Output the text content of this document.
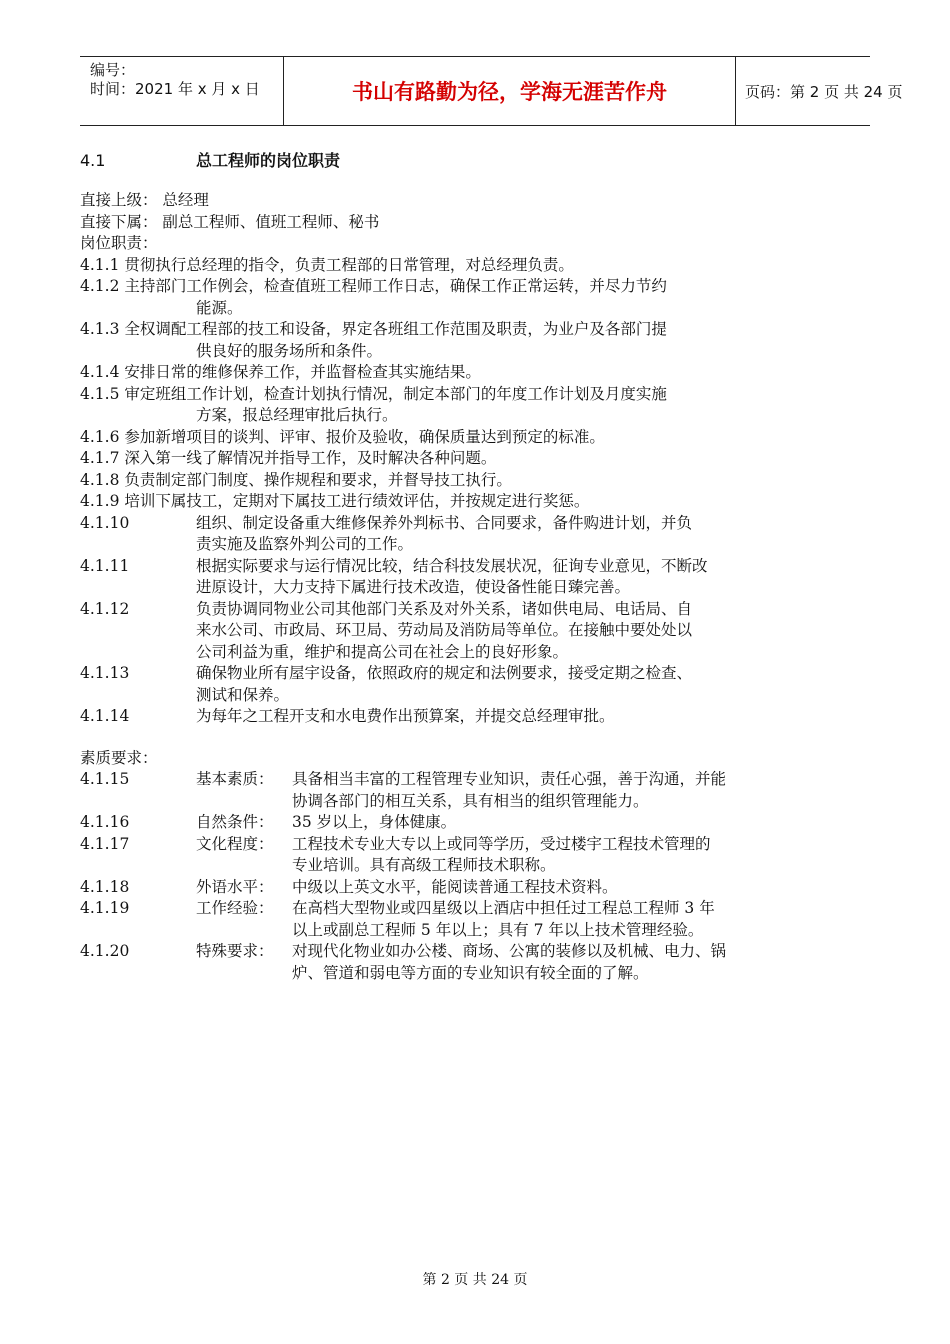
编号：
时间：2021 年 x 月 x 日	书山有路勤为径，学海无涯苦作舟	页码：第 2 页 共 24 页
4.1	总工程师的岗位职责
直接上级： 总经理
直接下属： 副总工程师、值班工程师、秘书
岗位职责：
4.1.1 贯彻执行总经理的指令，负责工程部的日常管理，对总经理负责。
4.1.2 主持部门工作例会，检查值班工程师工作日志，确保工作正常运转，并尽力节约
能源。
4.1.3 全权调配工程部的技工和设备，界定各班组工作范围及职责，为业户及各部门提
供良好的服务场所和条件。
4.1.4 安排日常的维修保养工作，并监督检查其实施结果。
4.1.5 审定班组工作计划，检查计划执行情况，制定本部门的年度工作计划及月度实施
方案，报总经理审批后执行。
4.1.6 参加新增项目的谈判、评审、报价及验收，确保质量达到预定的标准。
4.1.7 深入第一线了解情况并指导工作，及时解决各种问题。
4.1.8 负责制定部门制度、操作规程和要求，并督导技工执行。
4.1.9 培训下属技工，定期对下属技工进行绩效评估，并按规定进行奖惩。
4.1.10	组织、制定设备重大维修保养外判标书、合同要求，备件购进计划，并负
责实施及监察外判公司的工作。
4.1.11	根据实际要求与运行情况比较，结合科技发展状况，征询专业意见，不断改
进原设计，大力支持下属进行技术改造，使设备性能日臻完善。
4.1.12	负责协调同物业公司其他部门关系及对外关系，诸如供电局、电话局、自
来水公司、市政局、环卫局、劳动局及消防局等单位。在接触中要处处以
公司利益为重，维护和提高公司在社会上的良好形象。
4.1.13	确保物业所有屋宇设备，依照政府的规定和法例要求，接受定期之检查、
测试和保养。
4.1.14	为每年之工程开支和水电费作出预算案，并提交总经理审批。
素质要求：
4.1.15	基本素质： 具备相当丰富的工程管理专业知识，责任心强，善于沟通，并能
协调各部门的相互关系，具有相当的组织管理能力。
4.1.16	自然条件： 35 岁以上，身体健康。
4.1.17	文化程度： 工程技术专业大专以上或同等学历，受过楼宇工程技术管理的
专业培训。具有高级工程师技术职称。
4.1.18	外语水平： 中级以上英文水平，能阅读普通工程技术资料。
4.1.19	工作经验： 在高档大型物业或四星级以上酒店中担任过工程总工程师 3 年
以上或副总工程师 5 年以上；具有 7 年以上技术管理经验。
4.1.20	特殊要求： 对现代化物业如办公楼、商场、公寓的装修以及机械、电力、锅
炉、管道和弱电等方面的专业知识有较全面的了解。
第 2 页 共 24 页
